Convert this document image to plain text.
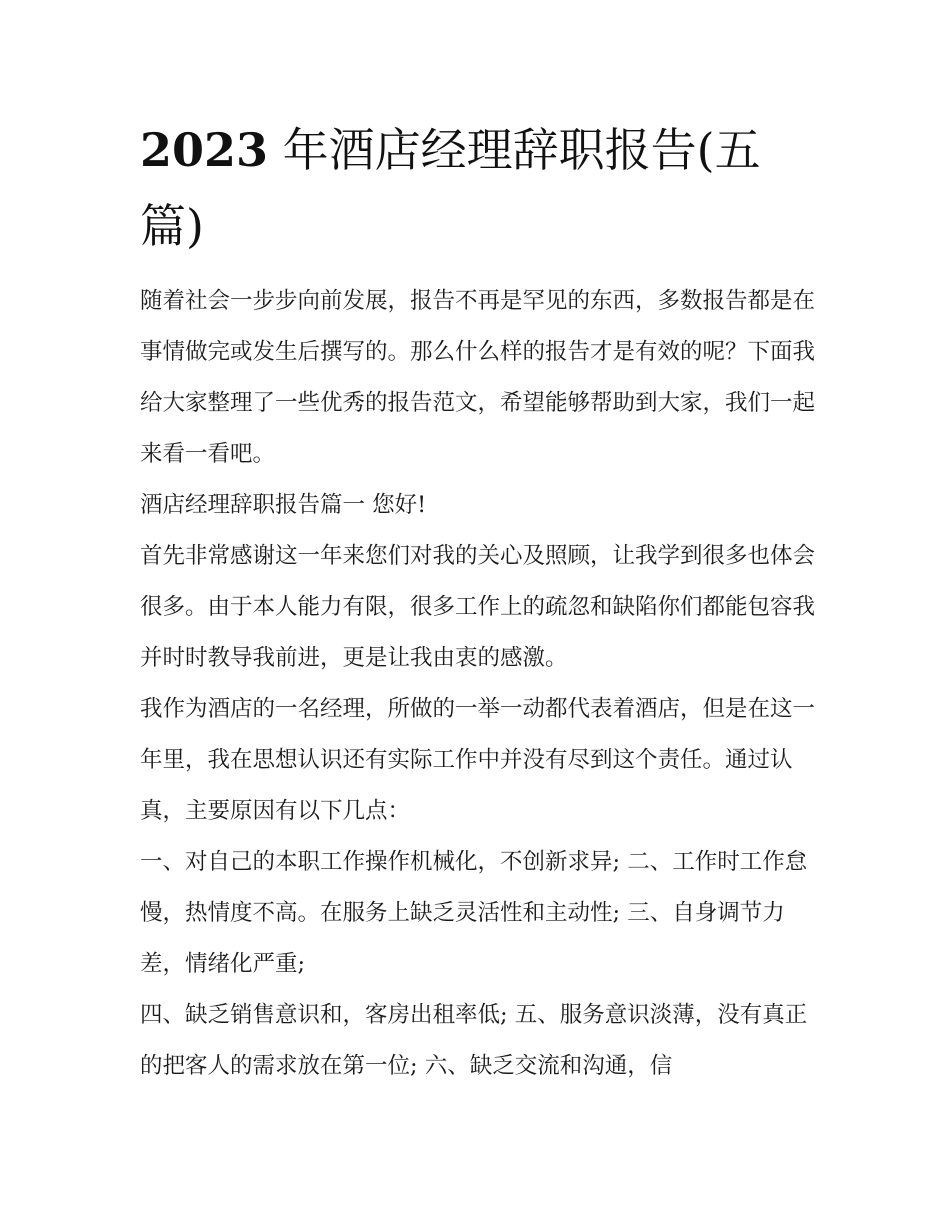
2023 年酒店经理辞职报告(五篇)

随着社会一步步向前发展，报告不再是罕见的东西，多数报告都是在事情做完或发生后撰写的。那么什么样的报告才是有效的呢？下面我给大家整理了一些优秀的报告范文，希望能够帮助到大家，我们一起来看一看吧。

酒店经理辞职报告篇一 您好!

首先非常感谢这一年来您们对我的关心及照顾，让我学到很多也体会很多。由于本人能力有限，很多工作上的疏忽和缺陷你们都能包容我并时时教导我前进，更是让我由衷的感激。

我作为酒店的一名经理，所做的一举一动都代表着酒店，但是在这一年里，我在思想认识还有实际工作中并没有尽到这个责任。通过认真，主要原因有以下几点：

一、对自己的本职工作操作机械化，不创新求异; 二、工作时工作怠慢，热情度不高。在服务上缺乏灵活性和主动性; 三、自身调节力差，情绪化严重;

四、缺乏销售意识和，客房出租率低; 五、服务意识淡薄，没有真正的把客人的需求放在第一位; 六、缺乏交流和沟通，信
